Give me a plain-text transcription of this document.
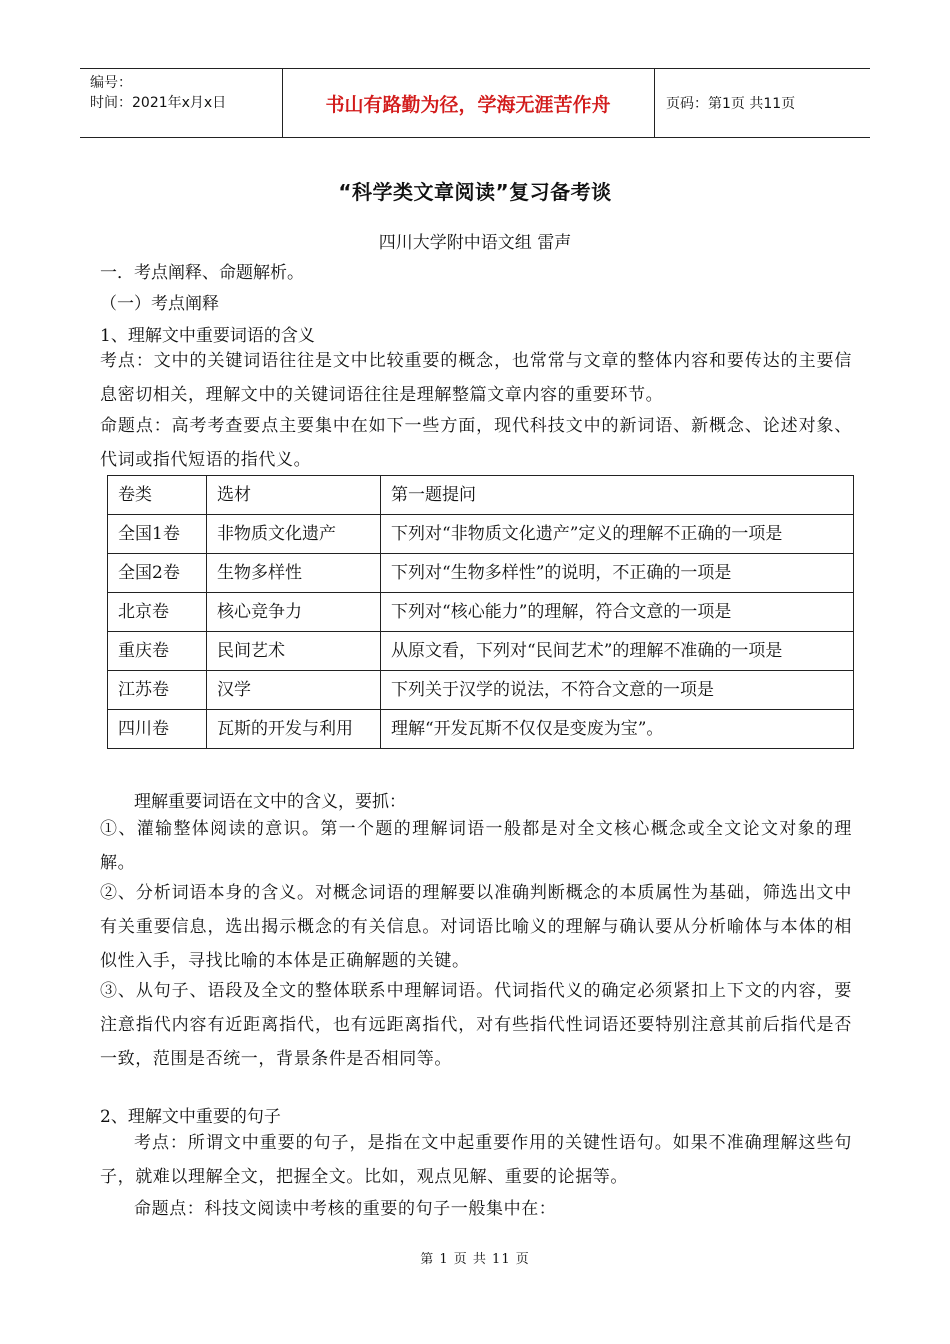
编号：
时间：2021年x月x日	书山有路勤为径，学海无涯苦作舟	页码：第1页 共11页
“科学类文章阅读”复习备考谈
四川大学附中语文组 雷声
一．考点阐释、命题解析。
（一）考点阐释
1、理解文中重要词语的含义
考点：文中的关键词语往往是文中比较重要的概念，也常常与文章的整体内容和要传达的主要信息密切相关，理解文中的关键词语往往是理解整篇文章内容的重要环节。
命题点：高考考查要点主要集中在如下一些方面，现代科技文中的新词语、新概念、论述对象、代词或指代短语的指代义。
卷类	选材	第一题提问
全国1卷	非物质文化遗产	下列对“非物质文化遗产”定义的理解不正确的一项是
全国2卷	生物多样性	下列对“生物多样性”的说明，不正确的一项是
北京卷	核心竞争力	下列对“核心能力”的理解，符合文意的一项是
重庆卷	民间艺术	从原文看，下列对“民间艺术”的理解不准确的一项是
江苏卷	汉学	下列关于汉学的说法，不符合文意的一项是
四川卷	瓦斯的开发与利用	理解“开发瓦斯不仅仅是变废为宝”。
理解重要词语在文中的含义，要抓：
①、灌输整体阅读的意识。第一个题的理解词语一般都是对全文核心概念或全文论文对象的理解。
②、分析词语本身的含义。对概念词语的理解要以准确判断概念的本质属性为基础，筛选出文中有关重要信息，选出揭示概念的有关信息。对词语比喻义的理解与确认要从分析喻体与本体的相似性入手，寻找比喻的本体是正确解题的关键。
③、从句子、语段及全文的整体联系中理解词语。代词指代义的确定必须紧扣上下文的内容，要注意指代内容有近距离指代，也有远距离指代，对有些指代性词语还要特别注意其前后指代是否一致，范围是否统一，背景条件是否相同等。
2、理解文中重要的句子
考点：所谓文中重要的句子，是指在文中起重要作用的关键性语句。如果不准确理解这些句子，就难以理解全文，把握全文。比如，观点见解、重要的论据等。
命题点：科技文阅读中考核的重要的句子一般集中在：
第 1 页 共 11 页
